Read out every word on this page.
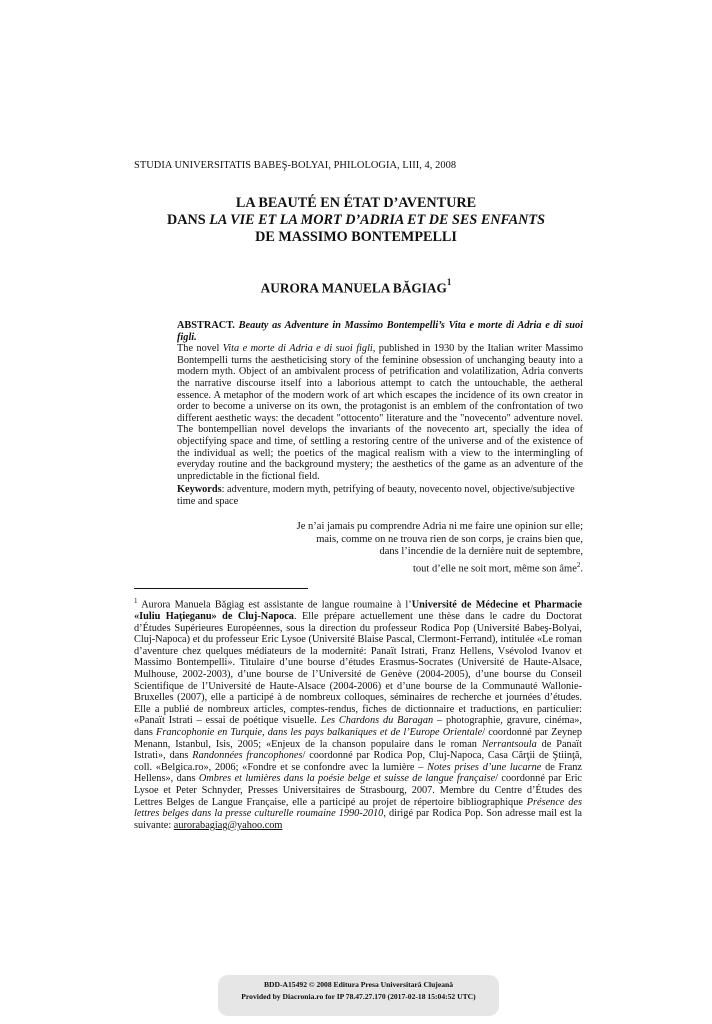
STUDIA UNIVERSITATIS BABEŞ-BOLYAI, PHILOLOGIA, LIII, 4, 2008
LA BEAUTÉ EN ÉTAT D’AVENTURE
DANS LA VIE ET LA MORT D’ADRIA ET DE SES ENFANTS
DE MASSIMO BONTEMPELLI
AURORA MANUELA BĂGIAG$^1$
ABSTRACT. Beauty as Adventure in Massimo Bontempelli’s Vita e morte di Adria e di suoi figli.
The novel Vita e morte di Adria e di suoi figli, published in 1930 by the Italian writer Massimo Bontempelli turns the aestheticising story of the feminine obsession of unchanging beauty into a modern myth. Object of an ambivalent process of petrification and volatilization, Adria converts the narrative discourse itself into a laborious attempt to catch the untouchable, the aetheral essence. A metaphor of the modern work of art which escapes the incidence of its own creator in order to become a universe on its own, the protagonist is an emblem of the confrontation of two different aesthetic ways: the decadent "ottocento" literature and the "novecento" adventure novel. The bontempellian novel develops the invariants of the novecento art, specially the idea of objectifying space and time, of settling a restoring centre of the universe and of the existence of the individual as well; the poetics of the magical realism with a view to the intermingling of everyday routine and the background mystery; the aesthetics of the game as an adventure of the unpredictable in the fictional field.
Keywords: adventure, modern myth, petrifying of beauty, novecento novel, objective/subjective time and space
Je n’ai jamais pu comprendre Adria ni me faire une opinion sur elle;
mais, comme on ne trouva rien de son corps, je crains bien que,
dans l’incendie de la dernière nuit de septembre,
tout d’elle ne soit mort, même son âme$^2$.
$^1$ Aurora Manuela Băgiag est assistante de langue roumaine à l’Université de Médecine et Pharmacie «Iuliu Haţieganu» de Cluj-Napoca. Elle prépare actuellement une thèse dans le cadre du Doctorat d’Études Supérieures Européennes, sous la direction du professeur Rodica Pop (Université Babeş-Bolyai, Cluj-Napoca) et du professeur Eric Lysoe (Université Blaise Pascal, Clermont-Ferrand), intitulée «Le roman d’aventure chez quelques médiateurs de la modernité: Panaït Istrati, Franz Hellens, Vsévolod Ivanov et Massimo Bontempelli». Titulaire d’une bourse d’études Erasmus-Socrates (Université de Haute-Alsace, Mulhouse, 2002-2003), d’une bourse de l’Université de Genève (2004-2005), d’une bourse du Conseil Scientifique de l’Université de Haute-Alsace (2004-2006) et d’une bourse de la Communauté Wallonie-Bruxelles (2007), elle a participé à de nombreux colloques, séminaires de recherche et journées d’études. Elle a publié de nombreux articles, comptes-rendus, fiches de dictionnaire et traductions, en particulier: «Panaït Istrati – essai de poétique visuelle. Les Chardons du Baragan – photographie, gravure, cinéma», dans Francophonie en Turquie, dans les pays balkaniques et de l’Europe Orientale/ coordonné par Zeynep Menann, Istanbul, Isis, 2005; «Enjeux de la chanson populaire dans le roman Nerrantsoula de Panaït Istrati», dans Randonnées francophones/ coordonné par Rodica Pop, Cluj-Napoca, Casa Cărţii de Ştiinţă, coll. «Belgica.ro», 2006; «Fondre et se confondre avec la lumière – Notes prises d’une lucarne de Franz Hellens», dans Ombres et lumières dans la poésie belge et suisse de langue française/ coordonné par Eric Lysoe et Peter Schnyder, Presses Universitaires de Strasbourg, 2007. Membre du Centre d’Études des Lettres Belges de Langue Française, elle a participé au projet de répertoire bibliographique Présence des lettres belges dans la presse culturelle roumaine 1990-2010, dirigé par Rodica Pop. Son adresse mail est la suivante: aurorabagiag@yahoo.com
BDD-A15492 © 2008 Editura Presa Universitară Clujeană
Provided by Diacronia.ro for IP 78.47.27.170 (2017-02-18 15:04:52 UTC)
